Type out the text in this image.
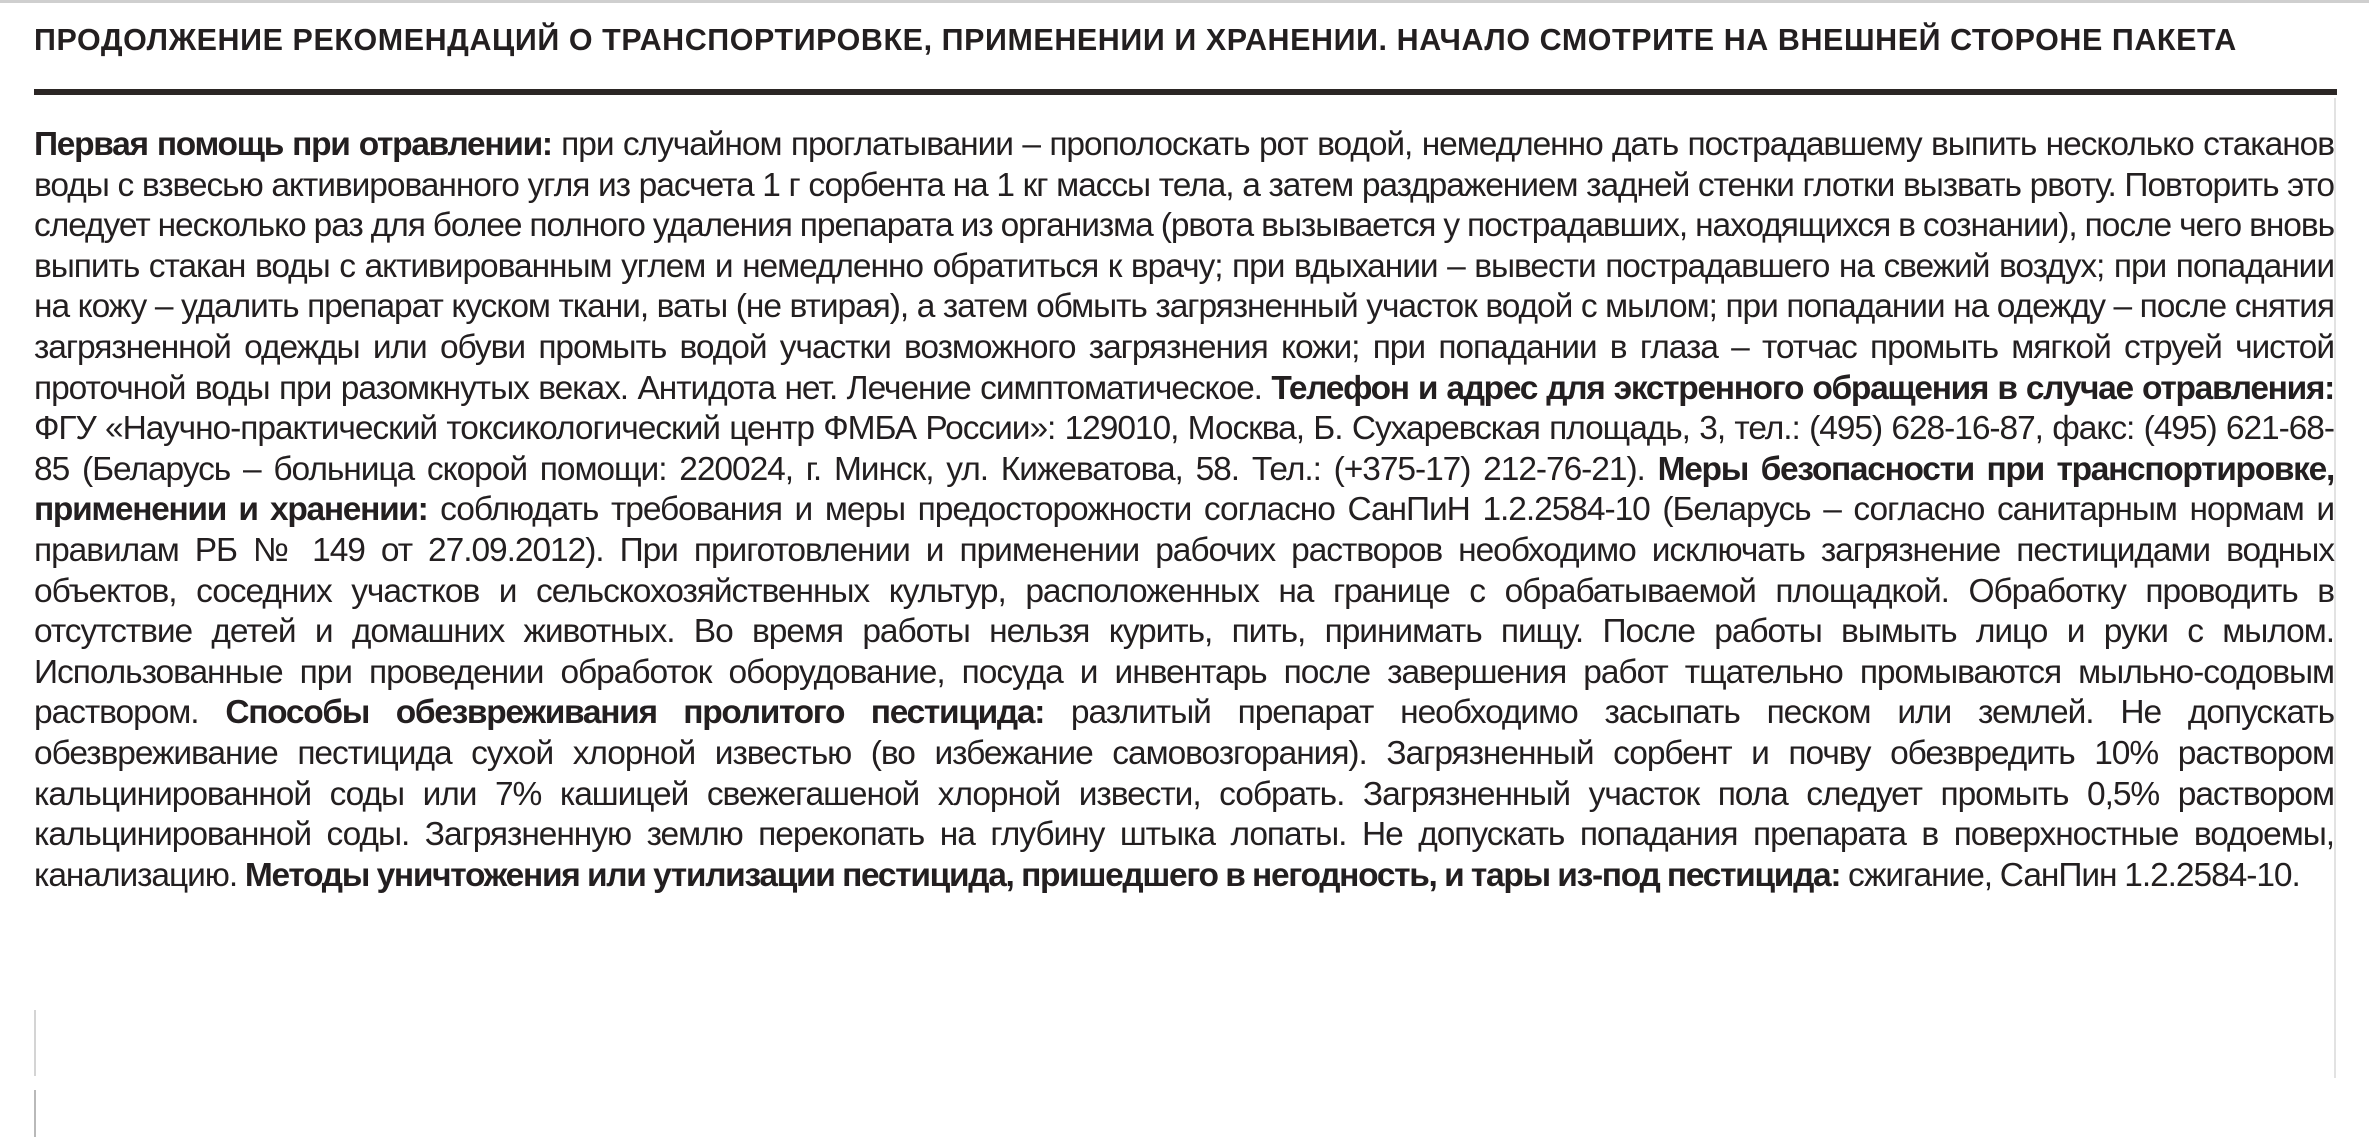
ПРОДОЛЖЕНИЕ РЕКОМЕНДАЦИЙ О ТРАНСПОРТИРОВКЕ, ПРИМЕНЕНИИ И ХРАНЕНИИ. НАЧАЛО СМОТРИТЕ НА ВНЕШНЕЙ СТОРОНЕ ПАКЕТА
Первая помощь при отравлении: при случайном проглатывании – прополоскать рот водой, немедленно дать пострадавшему выпить несколько стаканов воды с взвесью активированного угля из расчета 1 г сорбента на 1 кг массы тела, а затем раздражением задней стенки глотки вызвать рвоту. Повторить это следует несколько раз для более полного удаления препарата из организма (рвота вызывается у пострадавших, находящихся в сознании), после чего вновь выпить стакан воды с активированным углем и немедленно обратиться к врачу; при вдыхании – вывести пострадавшего на свежий воздух; при попадании на кожу – удалить препарат куском ткани, ваты (не втирая), а затем обмыть загрязненный участок водой с мылом; при попадании на одежду – после снятия загрязненной одежды или обуви промыть водой участки возможного загрязнения кожи; при попадании в глаза – тотчас промыть мягкой струей чистой проточной воды при разомкнутых веках. Антидота нет. Лечение симптоматическое. Телефон и адрес для экстренного обращения в случае отравления: ФГУ «Научно-практический токсикологический центр ФМБА России»: 129010, Москва, Б. Сухаревская площадь, 3, тел.: (495) 628-16-87, факс: (495) 621-68-85 (Беларусь – больница скорой помощи: 220024, г. Минск, ул. Кижеватова, 58. Тел.: (+375-17) 212-76-21). Меры безопасности при транспортировке, применении и хранении: соблюдать требования и меры предосторожности согласно СанПиН 1.2.2584-10 (Беларусь – согласно санитарным нормам и правилам РБ № 149 от 27.09.2012). При приготовлении и применении рабочих растворов необходимо исключать загрязнение пестицидами водных объектов, соседних участков и сельскохозяйственных культур, расположенных на границе с обрабатываемой площадкой. Обработку проводить в отсутствие детей и домашних животных. Во время работы нельзя курить, пить, принимать пищу. После работы вымыть лицо и руки с мылом. Использованные при проведении обработок оборудование, посуда и инвентарь после завершения работ тщательно промываются мыльно-содовым раствором. Способы обезвреживания пролитого пестицида: разлитый препарат необходимо засыпать песком или землей. Не допускать обезвреживание пестицида сухой хлорной известью (во избежание самовозгорания). Загрязненный сорбент и почву обезвредить 10% раствором кальцинированной соды или 7% кашицей свежегашеной хлорной извести, собрать. Загрязненный участок пола следует промыть 0,5% раствором кальцинированной соды. Загрязненную землю перекопать на глубину штыка лопаты. Не допускать попадания препарата в поверхностные водоемы, канализацию. Методы уничтожения или утилизации пестицида, пришедшего в негодность, и тары из-под пестицида: сжигание, СанПин 1.2.2584-10.
